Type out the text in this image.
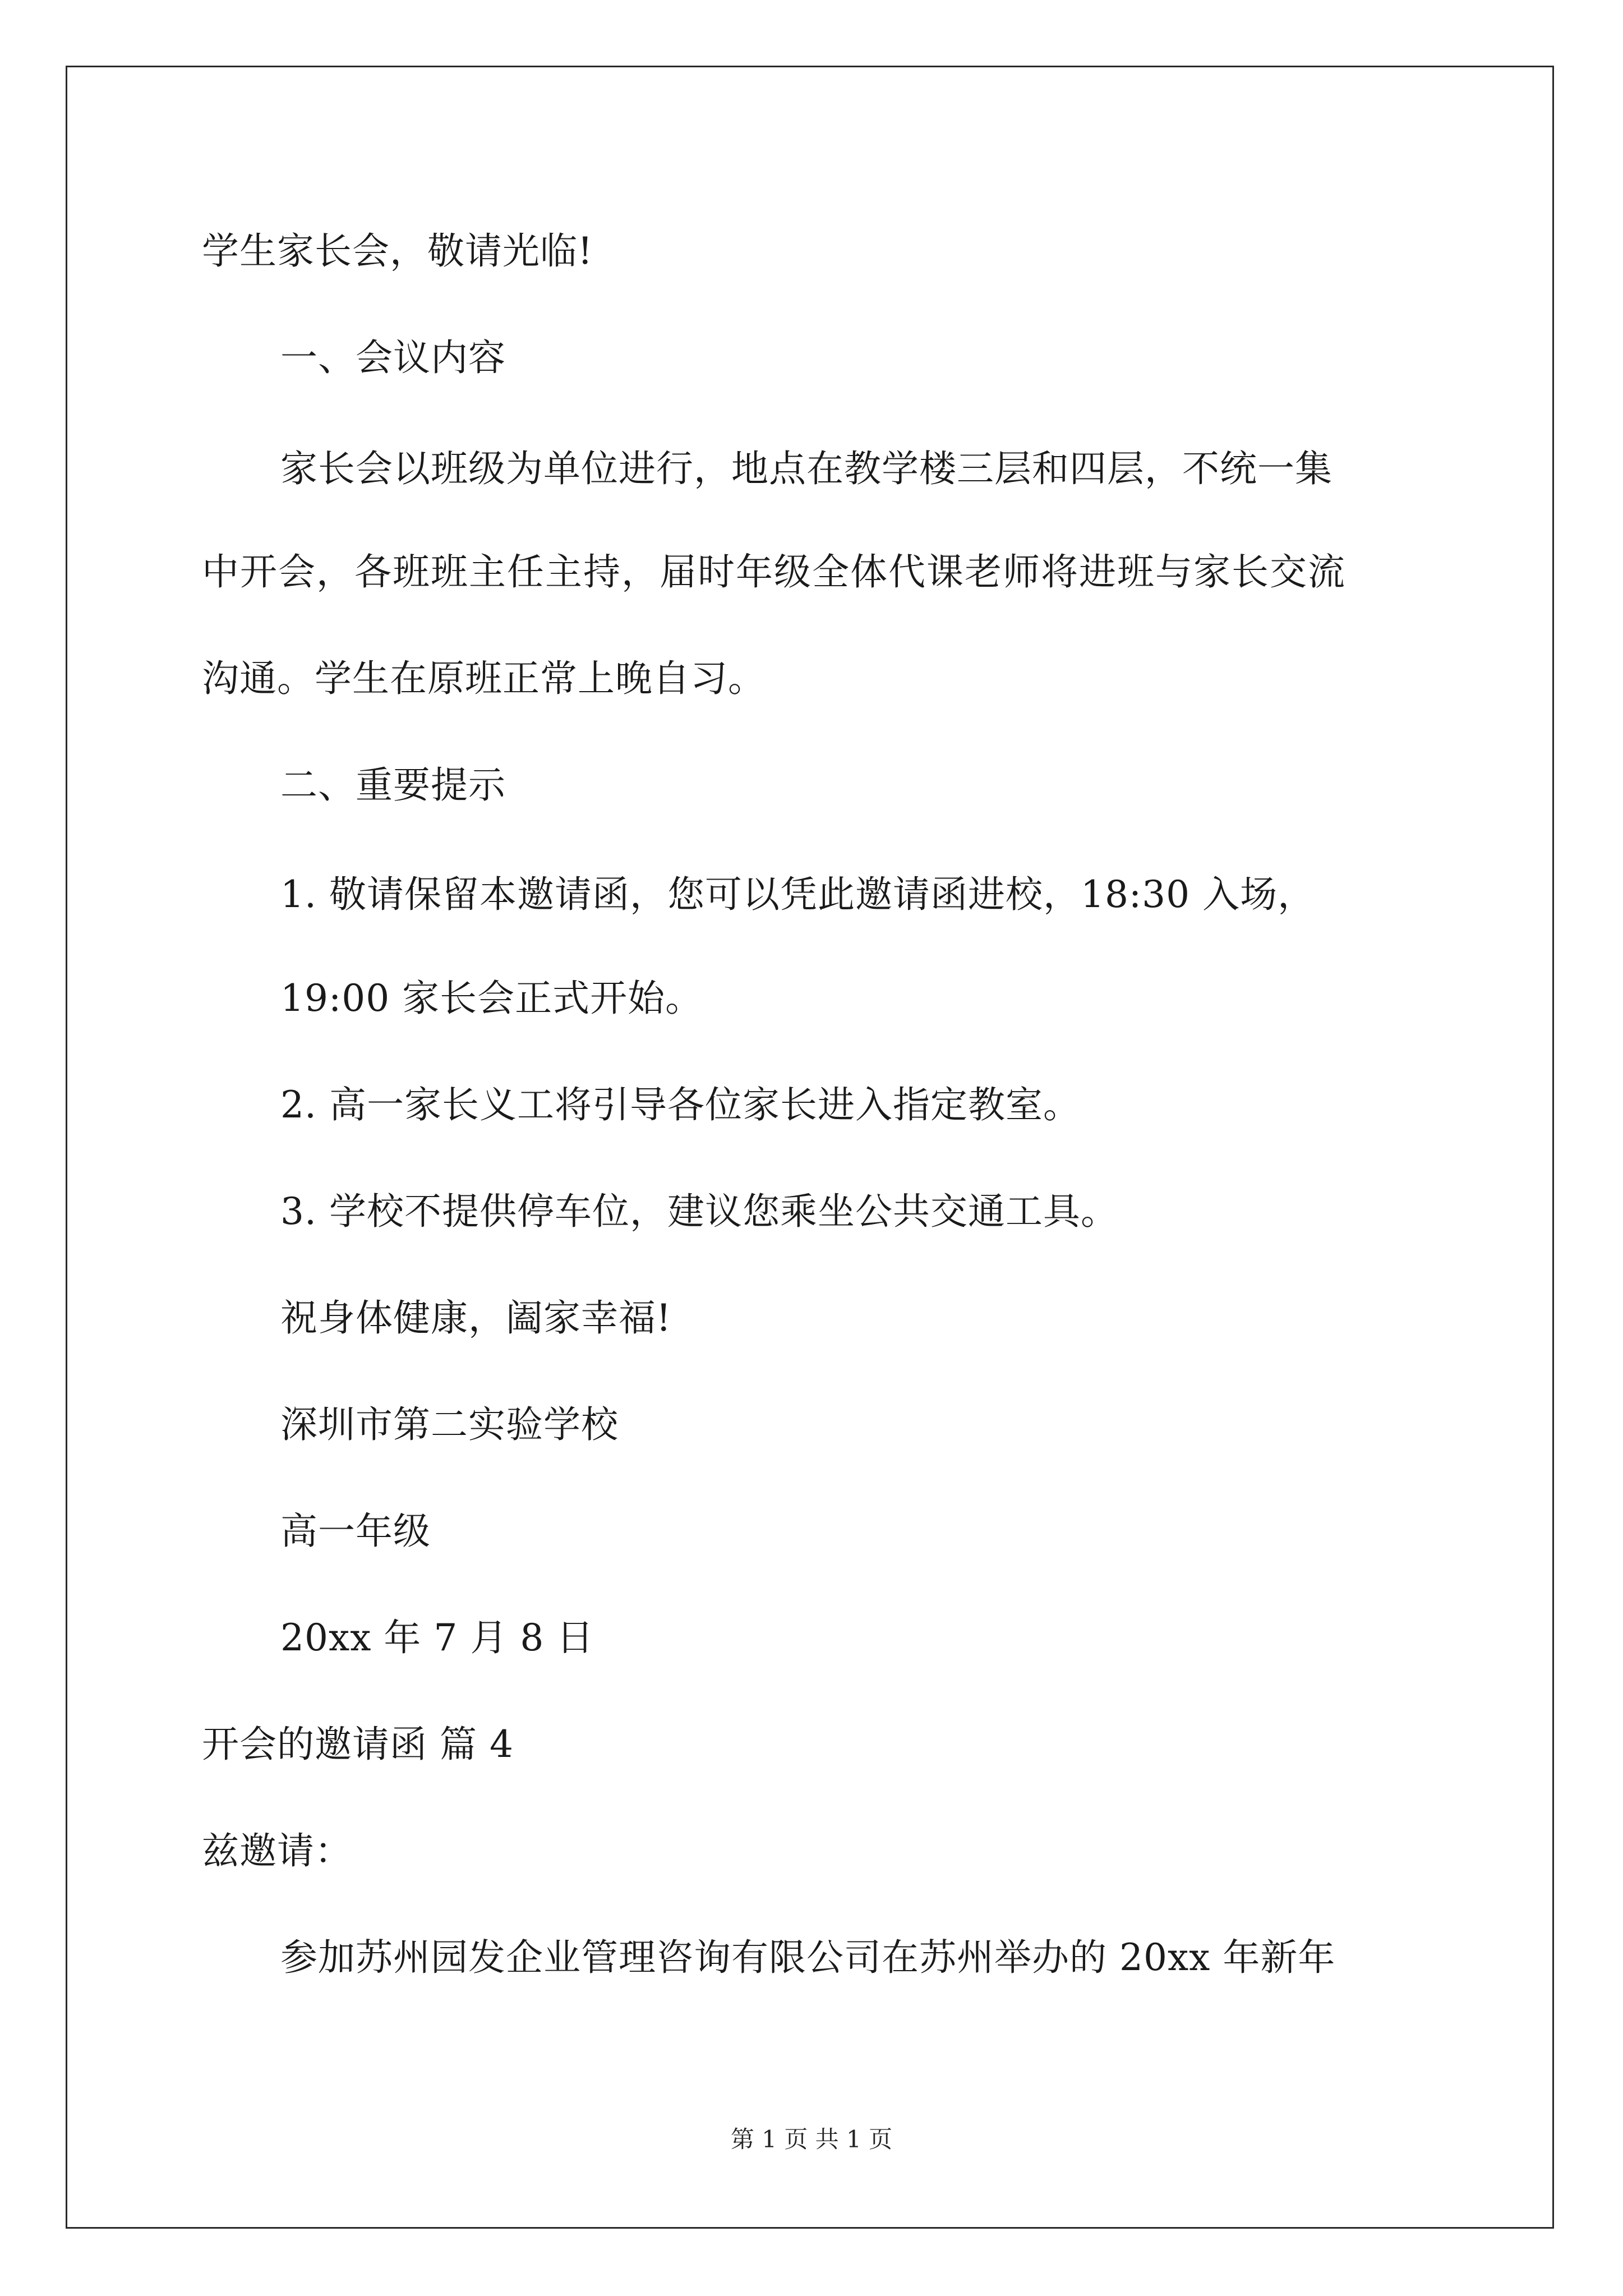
学生家长会，敬请光临!
一、会议内容
家长会以班级为单位进行，地点在教学楼三层和四层，不统一集
中开会，各班班主任主持，届时年级全体代课老师将进班与家长交流
沟通。学生在原班正常上晚自习。
二、重要提示
1. 敬请保留本邀请函，您可以凭此邀请函进校，18:30 入场，
19:00 家长会正式开始。
2. 高一家长义工将引导各位家长进入指定教室。
3. 学校不提供停车位，建议您乘坐公共交通工具。
祝身体健康，阖家幸福!
深圳市第二实验学校
高一年级
20xx 年 7 月 8 日
开会的邀请函 篇 4
兹邀请：
参加苏州园发企业管理咨询有限公司在苏州举办的 20xx 年新年
第 1 页 共 1 页
